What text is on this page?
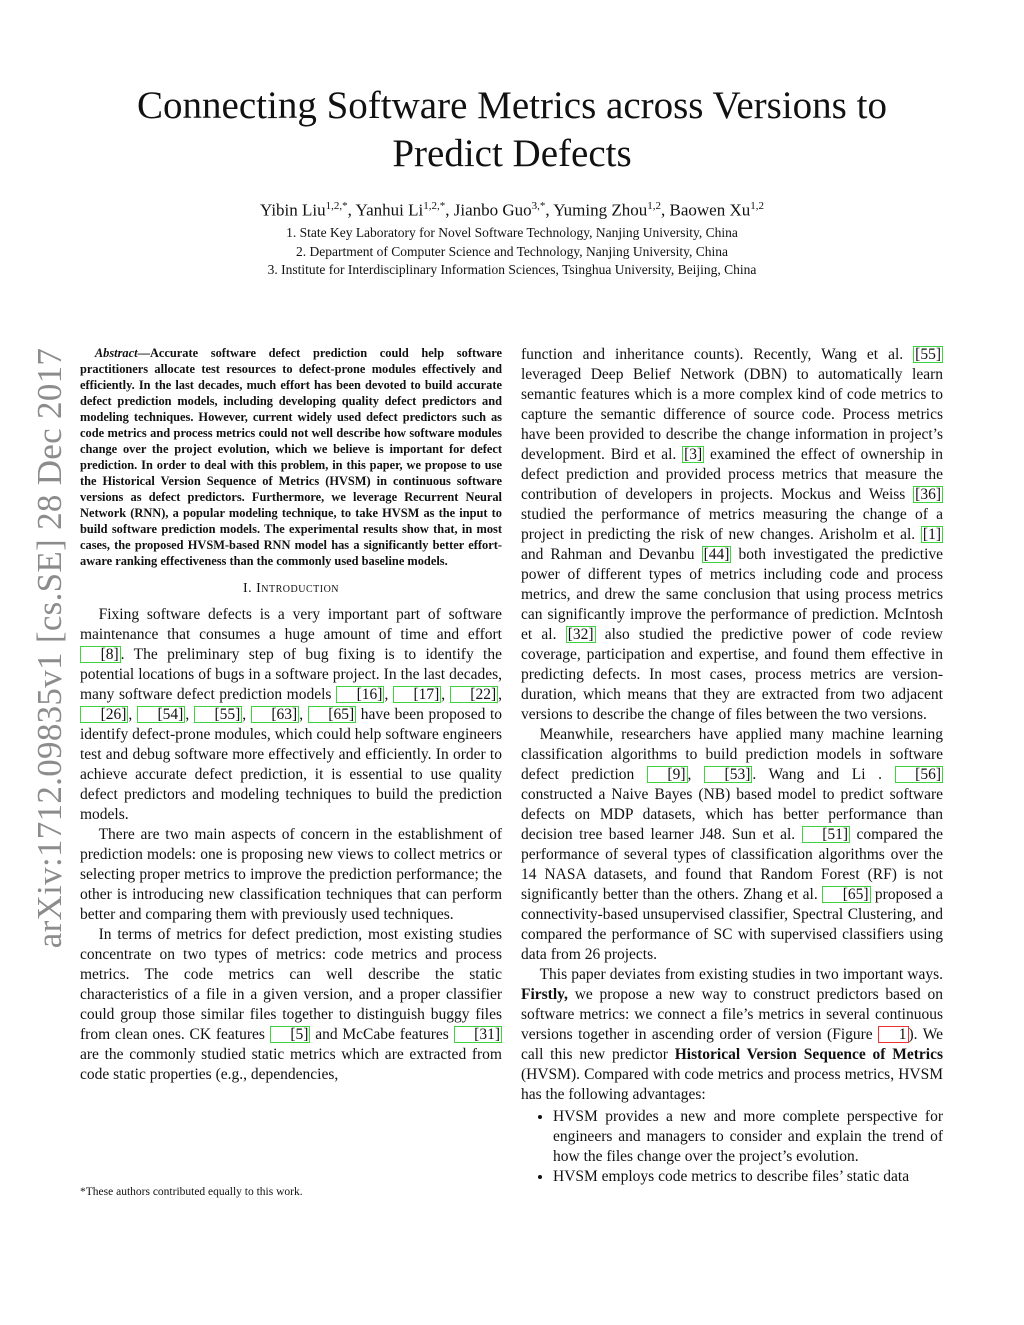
arXiv:1712.09835v1 [cs.SE] 28 Dec 2017
Connecting Software Metrics across Versions to
Predict Defects
Yibin Liu$^{1,2,*}$, Yanhui $Li^{1,2,*}$, Jianbo Guo$^{3,*}$, Yuming Zhou$^{1,2}$, Baowen Xu$^{1,2}$
1. State Key Laboratory for Novel Software Technology, Nanjing University, China
2. Department of Computer Science and Technology, Nanjing University, China
3. Institute for Interdisciplinary Information Sciences, Tsinghua University, Beijing, China

Abstract—Accurate software defect prediction could help software practitioners allocate test resources to defect-prone modules effectively and efficiently. In the last decades, much effort has been devoted to build accurate defect prediction models, including developing quality defect predictors and modeling techniques. However, current widely used defect predictors such as code metrics and process metrics could not well describe how software modules change over the project evolution, which we believe is important for defect prediction. In order to deal with this problem, in this paper, we propose to use the Historical Version Sequence of Metrics (HVSM) in continuous software versions as defect predictors. Furthermore, we leverage Recurrent Neural Network (RNN), a popular modeling technique, to take HVSM as the input to build software prediction models. The experimental results show that, in most cases, the proposed HVSM-based RNN model has a significantly better effort-aware ranking effectiveness than the commonly used baseline models.

I. Introduction

Fixing software defects is a very important part of software maintenance that consumes a huge amount of time and effort [8] . The preliminary step of bug fixing is to identify the potential locations of bugs in a software project. In the last decades, many software defect prediction models [16] , [17] , [22] , [26] , [54] , [55] , [63] , [65] have been proposed to identify defect-prone modules, which could help software engineers test and debug software more effectively and efficiently. In order to achieve accurate defect prediction, it is essential to use quality defect predictors and modeling techniques to build the prediction models.

There are two main aspects of concern in the establishment of prediction models: one is proposing new views to collect metrics or selecting proper metrics to improve the prediction performance; the other is introducing new classification techniques that can perform better and comparing them with previously used techniques.

In terms of metrics for defect prediction, most existing studies concentrate on two types of metrics: code metrics and process metrics. The code metrics can well describe the static characteristics of a file in a given version, and a proper classifier could group those similar files together to distinguish buggy files from clean ones. CK features [5] and McCabe features [31] are the commonly studied static metrics which are extracted from code static properties (e.g., dependencies,

*These authors contributed equally to this work.

function and inheritance counts). Recently, Wang et al. [55] leveraged Deep Belief Network (DBN) to automatically learn semantic features which is a more complex kind of code metrics to capture the semantic difference of source code. Process metrics have been provided to describe the change information in project’s development. Bird et al. [3] examined the effect of ownership in defect prediction and provided process metrics that measure the contribution of developers in projects. Mockus and Weiss [36] studied the performance of metrics measuring the change of a project in predicting the risk of new changes. Arisholm et al. [1] and Rahman and Devanbu [44] both investigated the predictive power of different types of metrics including code and process metrics, and drew the same conclusion that using process metrics can significantly improve the performance of prediction. McIntosh et al. [32] also studied the predictive power of code review coverage, participation and expertise, and found them effective in predicting defects. In most cases, process metrics are version-duration, which means that they are extracted from two adjacent versions to describe the change of files between the two versions.

Meanwhile, researchers have applied many machine learning classification algorithms to build prediction models in software defect prediction [9] , [53] . Wang and Li . [56] constructed a Naive Bayes (NB) based model to predict software defects on MDP datasets, which has better performance than decision tree based learner J48. Sun et al. [51] compared the performance of several types of classification algorithms over the 14 NASA datasets, and found that Random Forest (RF) is not significantly better than the others. Zhang et al. [65] proposed a connectivity-based unsupervised classifier, Spectral Clustering, and compared the performance of SC with supervised classifiers using data from 26 projects.

This paper deviates from existing studies in two important ways. Firstly, we propose a new way to construct predictors based on software metrics: we connect a file’s metrics in several continuous versions together in ascending order of version (Figure 1 ). We call this new predictor Historical Version Sequence of Metrics (HVSM). Compared with code metrics and process metrics, HVSM has the following advantages:

• HVSM provides a new and more complete perspective for engineers and managers to consider and explain the trend of how the files change over the project’s evolution.
• HVSM employs code metrics to describe files’ static data
